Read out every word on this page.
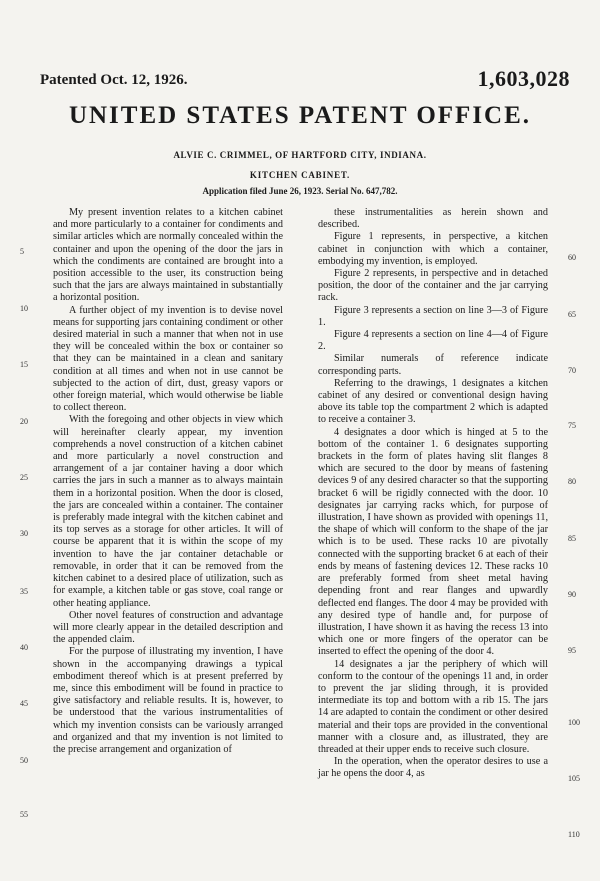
Patented Oct. 12, 1926.	1,603,028
UNITED STATES PATENT OFFICE.
ALVIE C. CRIMMEL, OF HARTFORD CITY, INDIANA.
KITCHEN CABINET.
Application filed June 26, 1923. Serial No. 647,782.

My present invention relates to a kitchen cabinet and more particularly to a container for condiments and similar articles which are normally concealed within the container and upon the opening of the door the jars in which the condiments are contained are brought into a position accessible to the user, its construction being such that the jars are always maintained in substantially a horizontal position.

A further object of my invention is to devise novel means for supporting jars containing condiment or other desired material in such a manner that when not in use they will be concealed within the box or container so that they can be maintained in a clean and sanitary condition at all times and when not in use cannot be subjected to the action of dirt, dust, greasy vapors or other foreign material, which would otherwise be liable to collect thereon.

With the foregoing and other objects in view which will hereinafter clearly appear, my invention comprehends a novel construction of a kitchen cabinet and more particularly a novel construction and arrangement of a jar container having a door which carries the jars in such a manner as to always maintain them in a horizontal position. When the door is closed, the jars are concealed within a container. The container is preferably made integral with the kitchen cabinet and its top serves as a storage for other articles. It will of course be apparent that it is within the scope of my invention to have the jar container detachable or removable, in order that it can be removed from the kitchen cabinet to a desired place of utilization, such as for example, a kitchen table or gas stove, coal range or other heating appliance.

Other novel features of construction and advantage will more clearly appear in the detailed description and the appended claim.

For the purpose of illustrating my invention, I have shown in the accompanying drawings a typical embodiment thereof which is at present preferred by me, since this embodiment will be found in practice to give satisfactory and reliable results. It is, however, to be understood that the various instrumentalities of which my invention consists can be variously arranged and organized and that my invention is not limited to the precise arrangement and organization of

these instrumentalities as herein shown and described.

Figure 1 represents, in perspective, a kitchen cabinet in conjunction with which a container, embodying my invention, is employed.

Figure 2 represents, in perspective and in detached position, the door of the container and the jar carrying rack.

Figure 3 represents a section on line 3—3 of Figure 1.

Figure 4 represents a section on line 4—4 of Figure 2.

Similar numerals of reference indicate corresponding parts.

Referring to the drawings, 1 designates a kitchen cabinet of any desired or conventional design having above its table top the compartment 2 which is adapted to receive a container 3.

4 designates a door which is hinged at 5 to the bottom of the container 1. 6 designates supporting brackets in the form of plates having slit flanges 8 which are secured to the door by means of fastening devices 9 of any desired character so that the supporting bracket 6 will be rigidly connected with the door. 10 designates jar carrying racks which, for purpose of illustration, I have shown as provided with openings 11, the shape of which will conform to the shape of the jar which is to be used. These racks 10 are pivotally connected with the supporting bracket 6 at each of their ends by means of fastening devices 12. These racks 10 are preferably formed from sheet metal having depending front and rear flanges and upwardly deflected end flanges. The door 4 may be provided with any desired type of handle and, for purpose of illustration, I have shown it as having the recess 13 into which one or more fingers of the operator can be inserted to effect the opening of the door 4.

14 designates a jar the periphery of which will conform to the contour of the openings 11 and, in order to prevent the jar sliding through, it is provided intermediate its top and bottom with a rib 15. The jars 14 are adapted to contain the condiment or other desired material and their tops are provided in the conventional manner with a closure and, as illustrated, they are threaded at their upper ends to receive such closure.

In the operation, when the operator desires to use a jar he opens the door 4, as

5
10
15
20
25
30
35
40
45
50
55
60
65
70
75
80
85
90
95
100
105
110
